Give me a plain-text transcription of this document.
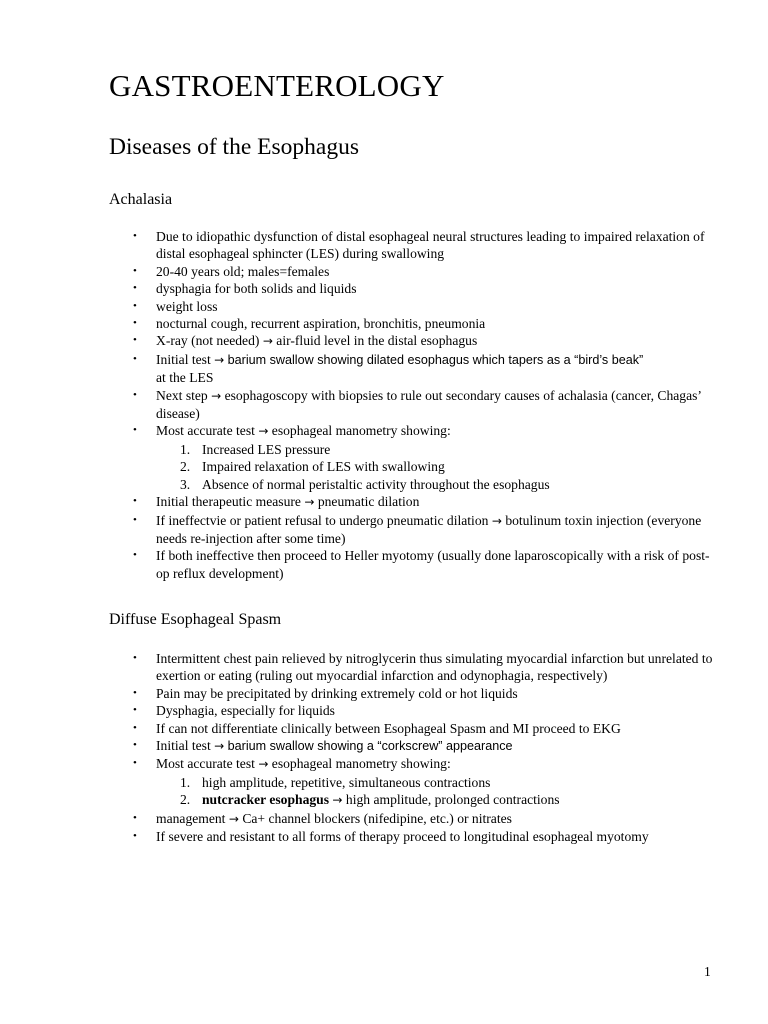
GASTROENTEROLOGY
Diseases of the Esophagus
Achalasia
• Due to idiopathic dysfunction of distal esophageal neural structures leading to impaired relaxation of distal esophageal sphincter (LES) during swallowing
• 20-40 years old; males=females
• dysphagia for both solids and liquids
• weight loss
• nocturnal cough, recurrent aspiration, bronchitis, pneumonia
• X-ray (not needed) → air-fluid level in the distal esophagus
• Initial test → barium swallow showing dilated esophagus which tapers as a “bird’s beak”
at the LES
• Next step → esophagoscopy with biopsies to rule out secondary causes of achalasia (cancer, Chagas’ disease)
• Most accurate test → esophageal manometry showing:
1. Increased LES pressure
2. Impaired relaxation of LES with swallowing
3. Absence of normal peristaltic activity throughout the esophagus
• Initial therapeutic measure → pneumatic dilation
• If ineffectvie or patient refusal to undergo pneumatic dilation → botulinum toxin injection (everyone needs re-injection after some time)
• If both ineffective then proceed to Heller myotomy (usually done laparoscopically with a risk of post-op reflux development)
Diffuse Esophageal Spasm
• Intermittent chest pain relieved by nitroglycerin thus simulating myocardial infarction but unrelated to exertion or eating (ruling out myocardial infarction and odynophagia, respectively)
• Pain may be precipitated by drinking extremely cold or hot liquids
• Dysphagia, especially for liquids
• If can not differentiate clinically between Esophageal Spasm and MI proceed to EKG
• Initial test → barium swallow showing a “corkscrew” appearance
• Most accurate test → esophageal manometry showing:
1. high amplitude, repetitive, simultaneous contractions
2. nutcracker esophagus → high amplitude, prolonged contractions
• management → Ca+ channel blockers (nifedipine, etc.) or nitrates
• If severe and resistant to all forms of therapy proceed to longitudinal esophageal myotomy
1
